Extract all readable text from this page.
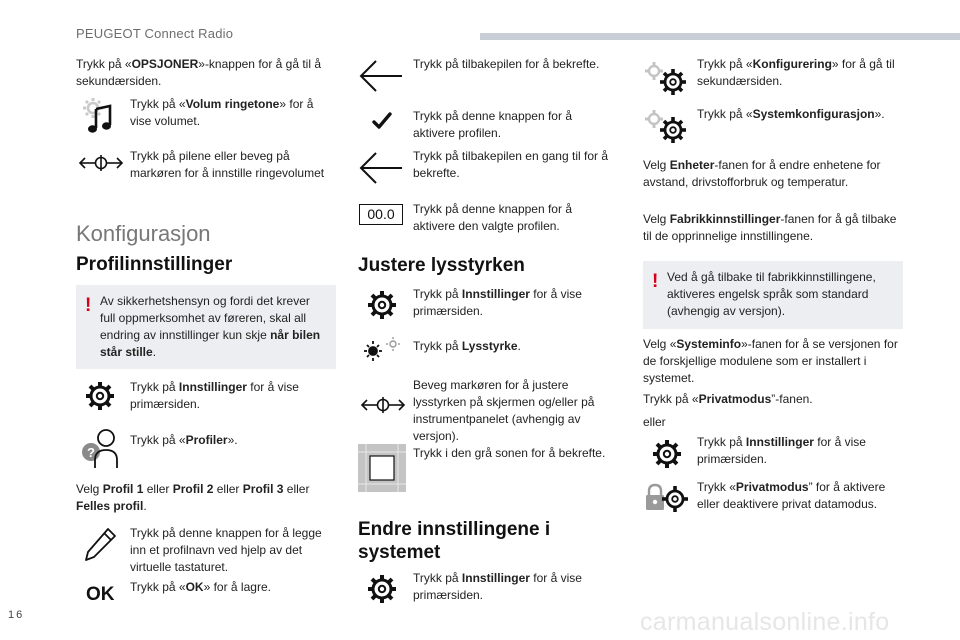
PEUGEOT Connect Radio
Trykk på «OPSJONER»-knappen for å gå til å sekundærsiden.
Trykk på «Volum ringetone» for å vise volumet.
Trykk på pilene eller beveg på markøren for å innstille ringevolumet
Konfigurasjon
Profilinnstillinger
! Av sikkerhetshensyn og fordi det krever full oppmerksomhet av føreren, skal all endring av innstillinger kun skje når bilen står stille.
Trykk på Innstillinger for å vise primærsiden.
?
Trykk på «Profiler».
Velg Profil 1 eller Profil 2 eller Profil 3 eller Felles profil.
Trykk på denne knappen for å legge inn et profilnavn ved hjelp av det virtuelle tastaturet.
OK Trykk på «OK» for å lagre.
Trykk på tilbakepilen for å bekrefte.
Trykk på denne knappen for å aktivere profilen.
Trykk på tilbakepilen en gang til for å bekrefte.
00.0	Trykk på denne knappen for å aktivere den valgte profilen.
Justere lysstyrken
Trykk på Innstillinger for å vise primærsiden.
Trykk på Lysstyrke.
Beveg markøren for å justere lysstyrken på skjermen og/eller på instrumentpanelet (avhengig av versjon).
Trykk i den grå sonen for å bekrefte.
Endre innstillingene i
systemet
Trykk på Innstillinger for å vise primærsiden.
Trykk på «Konfigurering» for å gå til sekundærsiden.
Trykk på «Systemkonfigurasjon».
Velg Enheter-fanen for å endre enhetene for avstand, drivstofforbruk og temperatur.
Velg Fabrikkinnstillinger-fanen for å gå tilbake til de opprinnelige innstillingene.
! Ved å gå tilbake til fabrikkinnstillingene, aktiveres engelsk språk som standard (avhengig av versjon).
Velg «Systeminfo»-fanen for å se versjonen for de forskjellige modulene som er installert i systemet.
Trykk på «Privatmodus”-fanen.
eller
Trykk på Innstillinger for å vise primærsiden.
Trykk «Privatmodus” for å aktivere eller deaktivere privat datamodus.
16	carmanualsonline.info
